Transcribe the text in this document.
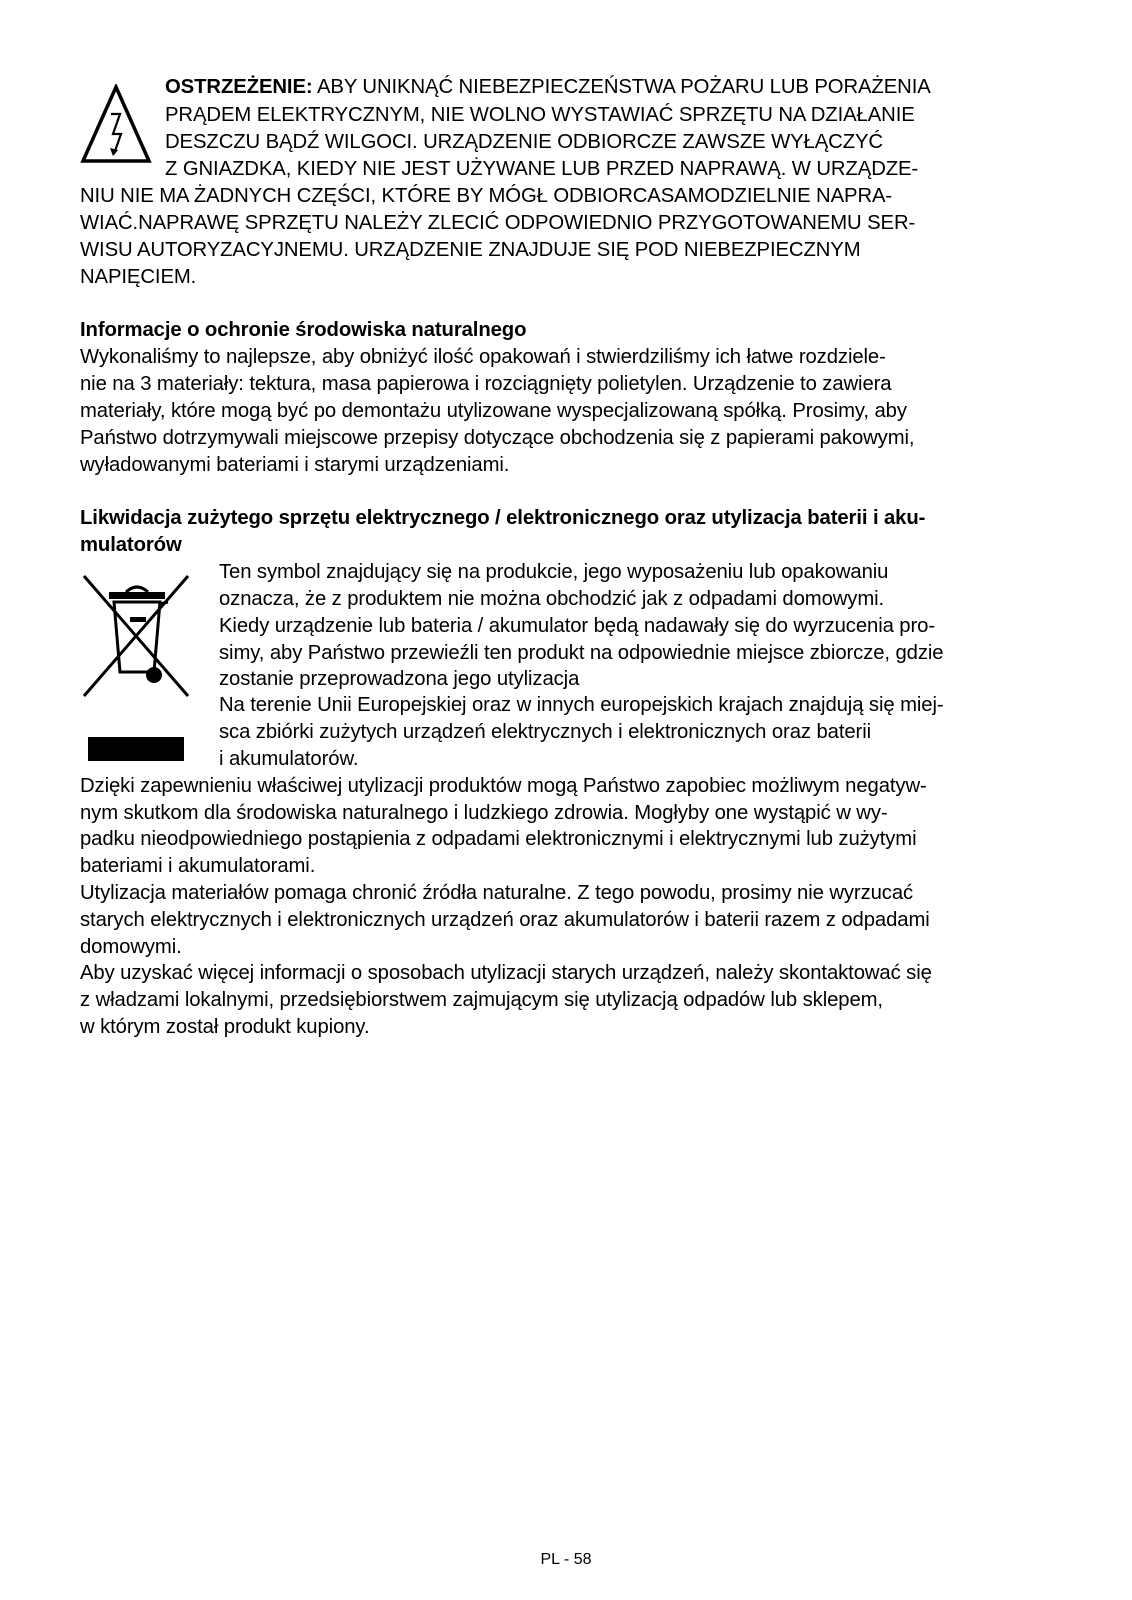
OSTRZEŻENIE: ABY UNIKNĄĆ NIEBEZPIECZEŃSTWA POŻARU LUB PORAŻENIA
PRĄDEM ELEKTRYCZNYM, NIE WOLNO WYSTAWIAĆ SPRZĘTU NA DZIAŁANIE
DESZCZU BĄDŹ WILGOCI. URZĄDZENIE ODBIORCZE ZAWSZE WYŁĄCZYĆ
Z GNIAZDKA, KIEDY NIE JEST UŻYWANE LUB PRZED NAPRAWĄ. W URZĄDZE-
NIU NIE MA ŻADNYCH CZĘŚCI, KTÓRE BY MÓGŁ ODBIORCASAMODZIELNIE NAPRA-
WIAĆ.NAPRAWĘ SPRZĘTU NALEŻY ZLECIĆ ODPOWIEDNIO PRZYGOTOWANEMU SER-
WISU AUTORYZACYJNEMU. URZĄDZENIE ZNAJDUJE SIĘ POD NIEBEZPIECZNYM
NAPIĘCIEM.
Informacje o ochronie środowiska naturalnego
Wykonaliśmy to najlepsze, aby obniżyć ilość opakowań i stwierdziliśmy ich łatwe rozdziele-
nie na 3 materiały: tektura, masa papierowa i rozciągnięty polietylen. Urządzenie to zawiera
materiały, które mogą być po demontażu utylizowane wyspecjalizowaną spółką. Prosimy, aby
Państwo dotrzymywali miejscowe przepisy dotyczące obchodzenia się z papierami pakowymi,
wyładowanymi bateriami i starymi urządzeniami.
Likwidacja zużytego sprzętu elektrycznego / elektronicznego oraz utylizacja baterii i aku-
mulatorów
Ten symbol znajdujący się na produkcie, jego wyposażeniu lub opakowaniu
oznacza, że z produktem nie można obchodzić jak z odpadami domowymi.
Kiedy urządzenie lub bateria / akumulator będą nadawały się do wyrzucenia pro-
simy, aby Państwo przewieźli ten produkt na odpowiednie miejsce zbiorcze, gdzie
zostanie przeprowadzona jego utylizacja
Na terenie Unii Europejskiej oraz w innych europejskich krajach znajdują się miej-
sca zbiórki zużytych urządzeń elektrycznych i elektronicznych oraz baterii
i akumulatorów.
Dzięki zapewnieniu właściwej utylizacji produktów mogą Państwo zapobiec możliwym negatyw-
nym skutkom dla środowiska naturalnego i ludzkiego zdrowia. Mogłyby one wystąpić w wy-
padku nieodpowiedniego postąpienia z odpadami elektronicznymi i elektrycznymi lub zużytymi
bateriami i akumulatorami.
Utylizacja materiałów pomaga chronić źródła naturalne. Z tego powodu, prosimy nie wyrzucać
starych elektrycznych i elektronicznych urządzeń oraz akumulatorów i baterii razem z odpadami
domowymi.
Aby uzyskać więcej informacji o sposobach utylizacji starych urządzeń, należy skontaktować się
z władzami lokalnymi, przedsiębiorstwem zajmującym się utylizacją odpadów lub sklepem,
w którym został produkt kupiony.
PL - 58
